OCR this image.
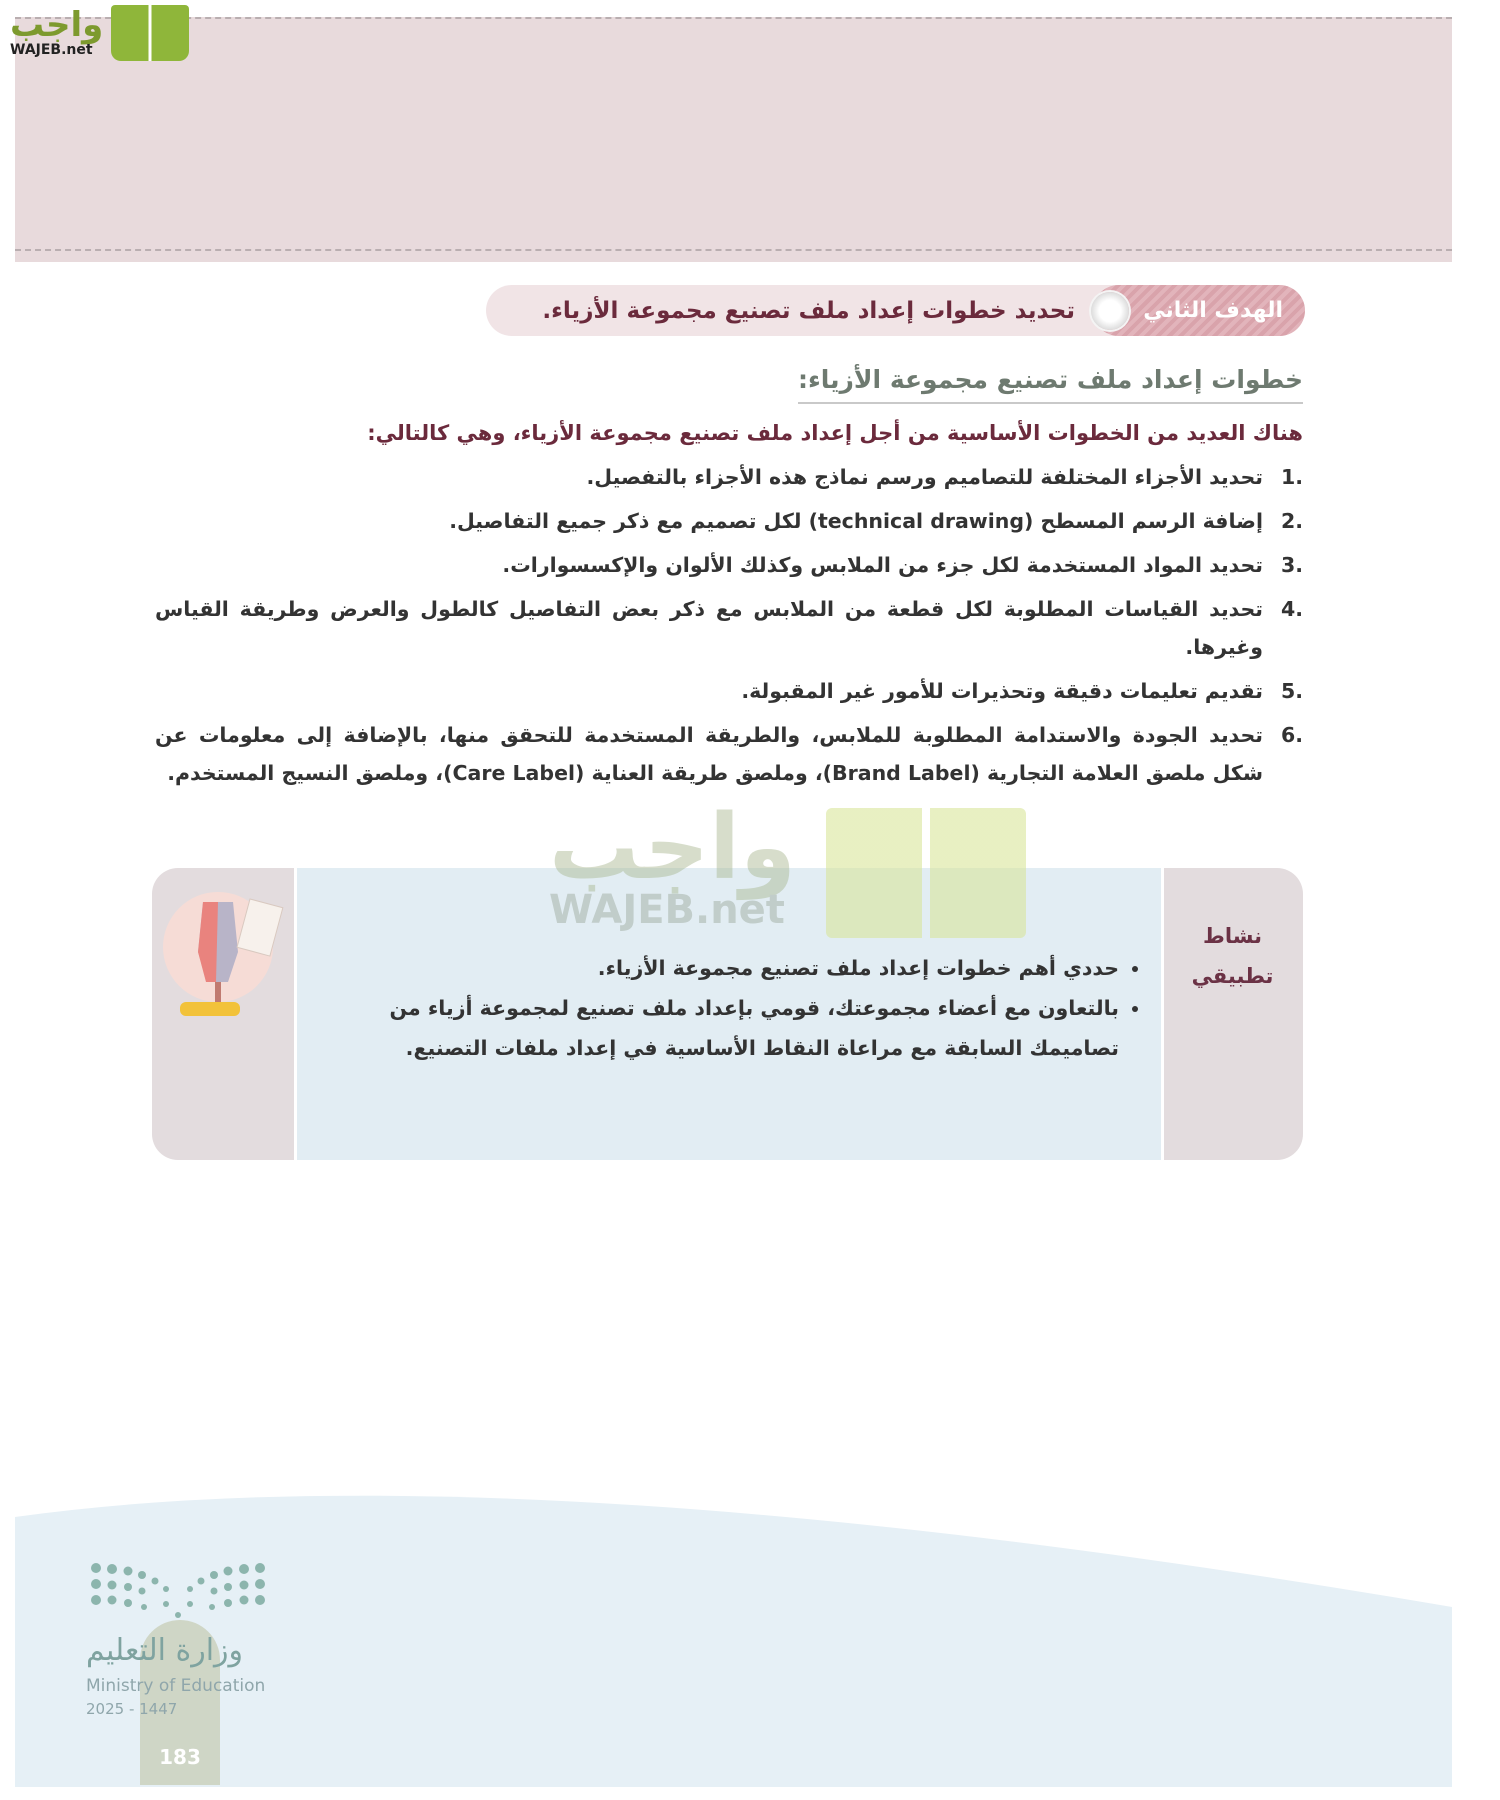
واجب
WAJEB.net
الهدف الثاني
تحديد خطوات إعداد ملف تصنيع مجموعة الأزياء.
خطوات إعداد ملف تصنيع مجموعة الأزياء:
هناك العديد من الخطوات الأساسية من أجل إعداد ملف تصنيع مجموعة الأزياء، وهي كالتالي:
.1
تحديد الأجزاء المختلفة للتصاميم ورسم نماذج هذه الأجزاء بالتفصيل.
.2
إضافة الرسم المسطح (technical drawing) لكل تصميم مع ذكر جميع التفاصيل.
.3
تحديد المواد المستخدمة لكل جزء من الملابس وكذلك الألوان والإكسسوارات.
.4
تحديد القياسات المطلوبة لكل قطعة من الملابس مع ذكر بعض التفاصيل كالطول والعرض وطريقة القياس وغيرها.
.5
تقديم تعليمات دقيقة وتحذيرات للأمور غير المقبولة.
.6
تحديد الجودة والاستدامة المطلوبة للملابس، والطريقة المستخدمة للتحقق منها، بالإضافة إلى معلومات عن شكل ملصق العلامة التجارية (Brand Label)، وملصق طريقة العناية (Care Label)، وملصق النسيج المستخدم.
واجب
WAJEB.net
• حددي أهم خطوات إعداد ملف تصنيع مجموعة الأزياء.
• بالتعاون مع أعضاء مجموعتك، قومي بإعداد ملف تصنيع لمجموعة أزياء من تصاميمك السابقة مع مراعاة النقاط الأساسية في إعداد ملفات التصنيع.
نشاط
تطبيقي
183
وزارة التعليم
Ministry of Education
2025 - 1447
